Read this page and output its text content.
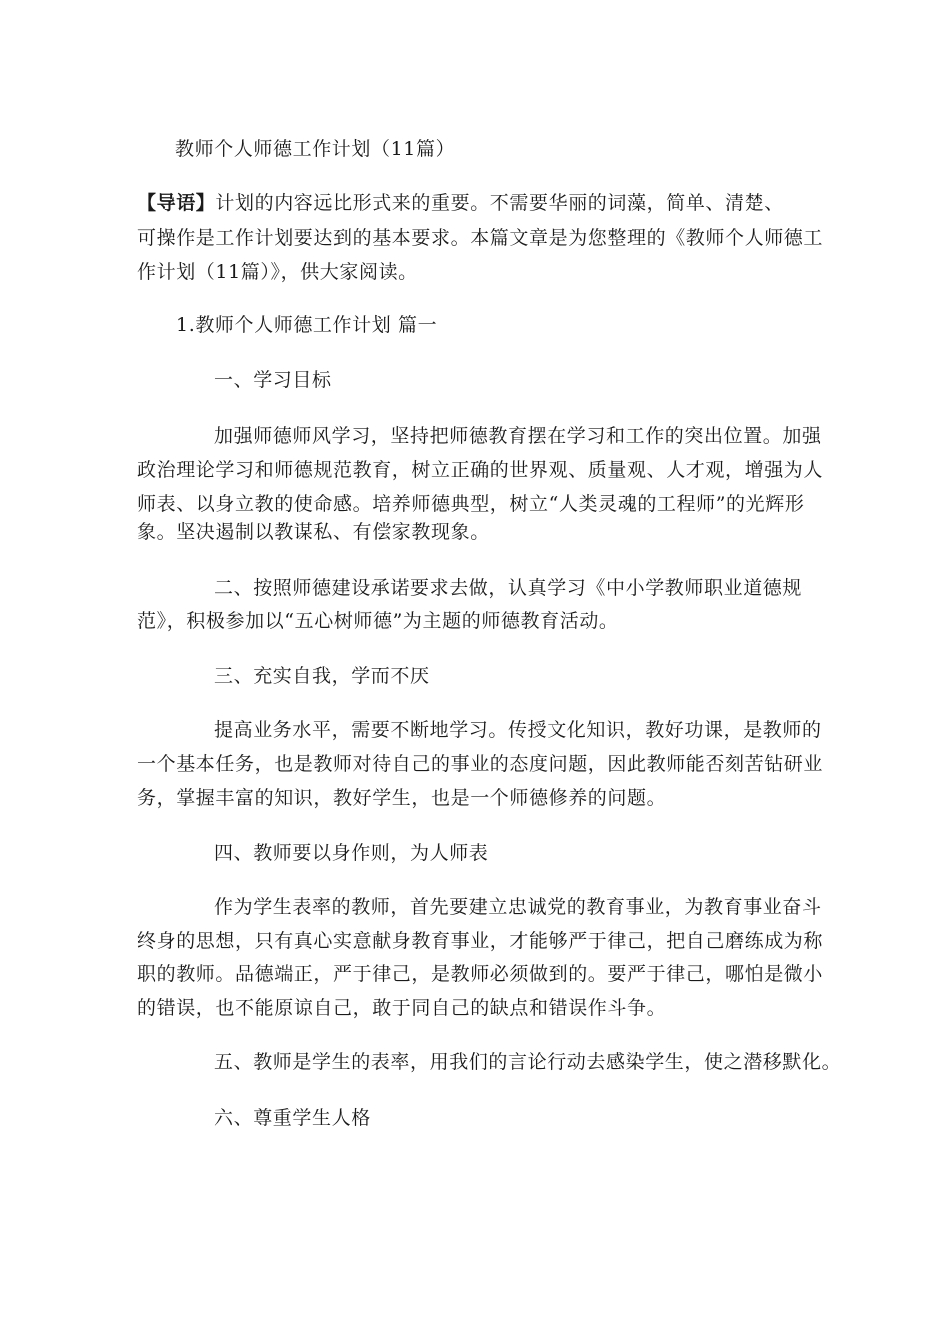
教师个人师德工作计划（11篇）
【导语】计划的内容远比形式来的重要。不需要华丽的词藻，简单、清楚、
可操作是工作计划要达到的基本要求。本篇文章是为您整理的《教师个人师德工
作计划（11篇）》，供大家阅读。
1.教师个人师德工作计划 篇一
一、学习目标
加强师德师风学习，坚持把师德教育摆在学习和工作的突出位置。加强
政治理论学习和师德规范教育，树立正确的世界观、质量观、人才观，增强为人
师表、以身立教的使命感。培养师德典型，树立“人类灵魂的工程师”的光辉形
象。坚决遏制以教谋私、有偿家教现象。
二、按照师德建设承诺要求去做，认真学习《中小学教师职业道德规
范》，积极参加以“五心树师德”为主题的师德教育活动。
三、充实自我，学而不厌
提高业务水平，需要不断地学习。传授文化知识，教好功课，是教师的
一个基本任务，也是教师对待自己的事业的态度问题，因此教师能否刻苦钻研业
务，掌握丰富的知识，教好学生，也是一个师德修养的问题。
四、教师要以身作则，为人师表
作为学生表率的教师，首先要建立忠诚党的教育事业，为教育事业奋斗
终身的思想，只有真心实意献身教育事业，才能够严于律己，把自己磨练成为称
职的教师。品德端正，严于律己，是教师必须做到的。要严于律己，哪怕是微小
的错误，也不能原谅自己，敢于同自己的缺点和错误作斗争。
五、教师是学生的表率，用我们的言论行动去感染学生，使之潜移默化。
六、尊重学生人格
